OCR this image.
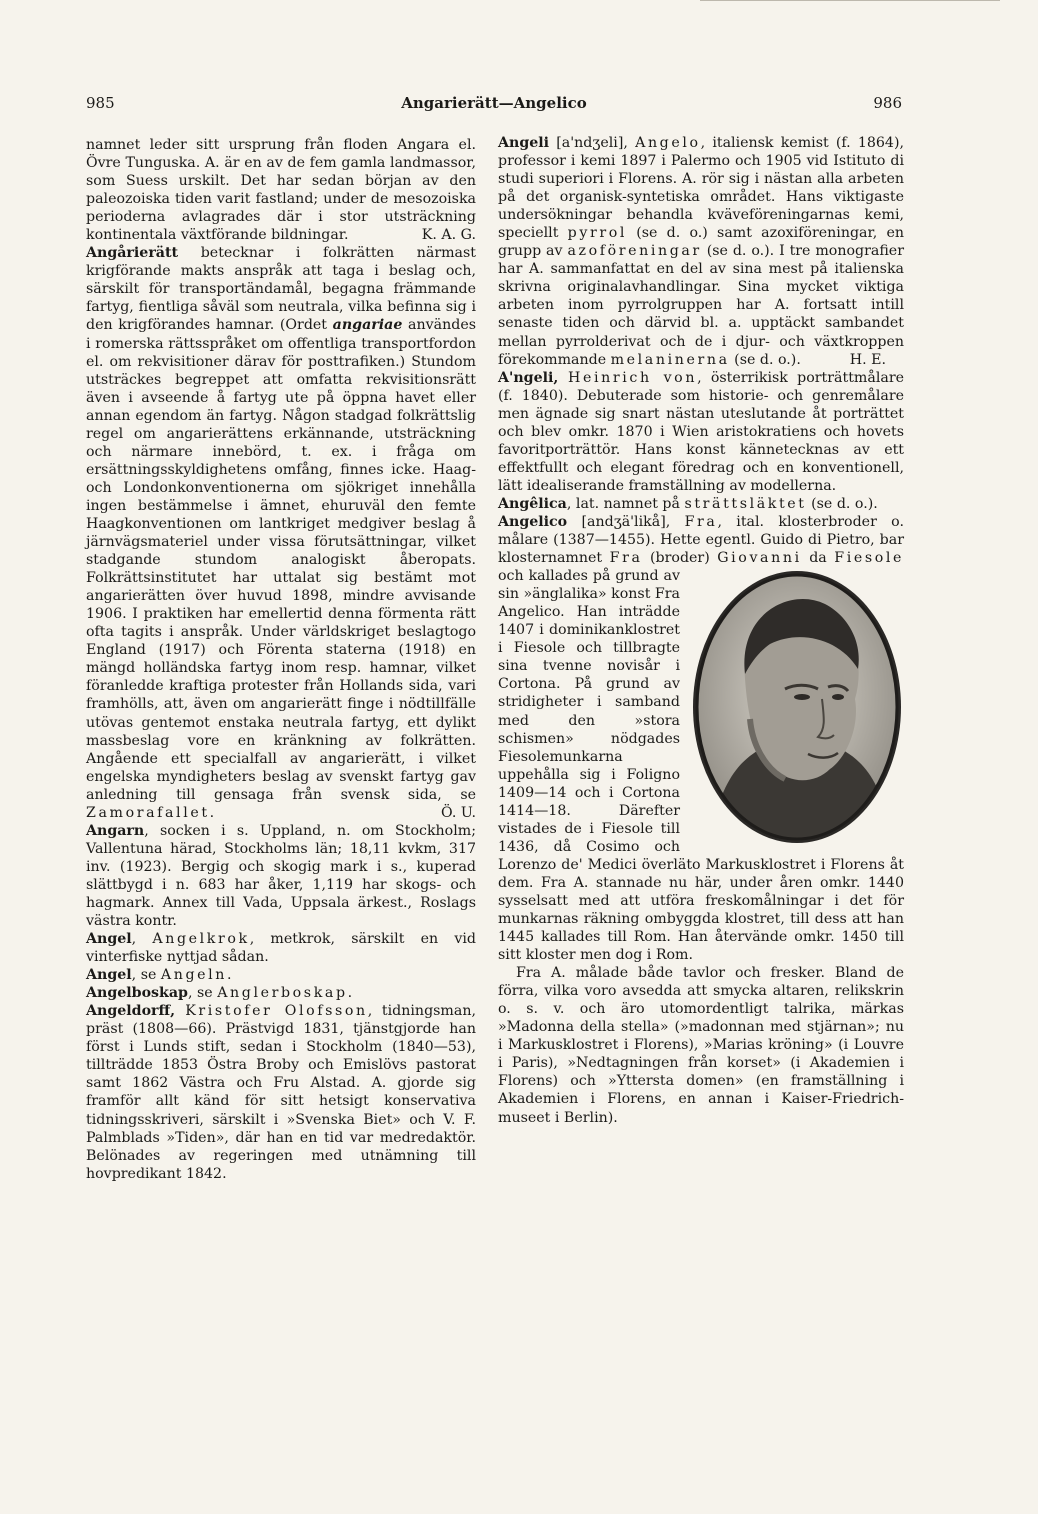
985	Angarierätt—Angelico	986

namnet leder sitt ursprung från floden Angara el. Övre Tunguska. A. är en av de fem gamla landmassor, som Suess urskilt. Det har sedan början av den paleozoiska tiden varit fastland; under de mesozoiska perioderna avlagrades där i stor utsträckning kontinentala växtförande bildningar.	K. A. G.

Angårierätt betecknar i folkrätten närmast krigförande makts anspråk att taga i beslag och, särskilt för transportändamål, begagna främmande fartyg, fientliga såväl som neutrala, vilka befinna sig i den krigförandes hamnar. (Ordet angariae användes i romerska rättsspråket om offentliga transportfordon el. om rekvisitioner därav för posttrafiken.) Stundom utsträckes begreppet att omfatta rekvisitionsrätt även i avseende å fartyg ute på öppna havet eller annan egendom än fartyg. Någon stadgad folkrättslig regel om angarierättens erkännande, utsträckning och närmare innebörd, t. ex. i fråga om ersättningsskyldighetens omfång, finnes icke. Haag- och Londonkonventionerna om sjökriget innehålla ingen bestämmelse i ämnet, ehuruväl den femte Haagkonventionen om lantkriget medgiver beslag å järnvägsmateriel under vissa förutsättningar, vilket stadgande stundom analogiskt åberopats. Folkrättsinstitutet har uttalat sig bestämt mot angarierätten över huvud 1898, mindre avvisande 1906. I praktiken har emellertid denna förmenta rätt ofta tagits i anspråk. Under världskriget beslagtogo England (1917) och Förenta staterna (1918) en mängd holländska fartyg inom resp. hamnar, vilket föranledde kraftiga protester från Hollands sida, vari framhölls, att, även om angarierätt finge i nödtillfälle utövas gentemot enstaka neutrala fartyg, ett dylikt massbeslag vore en kränkning av folkrätten. Angående ett specialfall av angarierätt, i vilket engelska myndigheters beslag av svenskt fartyg gav anledning till gensaga från svensk sida, se Zamorafallet.	Ö. U.

Angarn, socken i s. Uppland, n. om Stockholm; Vallentuna härad, Stockholms län; 18,11 kvkm, 317 inv. (1923). Bergig och skogig mark i s., kuperad slättbygd i n. 683 har åker, 1,119 har skogs- och hagmark. Annex till Vada, Uppsala ärkest., Roslags västra kontr.

Angel, Angelkrok, metkrok, särskilt en vid vinterfiske nyttjad sådan.

Angel, se Angeln.

Angelboskap, se Anglerboskap.

Angeldorff, Kristofer Olofsson, tidningsman, präst (1808—66). Prästvigd 1831, tjänstgjorde han först i Lunds stift, sedan i Stockholm (1840—53), tillträdde 1853 Östra Broby och Emislövs pastorat samt 1862 Västra och Fru Alstad. A. gjorde sig framför allt känd för sitt hetsigt konservativa tidningsskriveri, särskilt i »Svenska Biet» och V. F. Palmblads »Tiden», där han en tid var medredaktör. Belönades av regeringen med utnämning till hovpredikant 1842.

Angeli [a'ndʒeli], Angelo, italiensk kemist (f. 1864), professor i kemi 1897 i Palermo och 1905 vid Istituto di studi superiori i Florens. A. rör sig i nästan alla arbeten på det organisk-syntetiska området. Hans viktigaste undersökningar behandla kväveföreningarnas kemi, speciellt pyrrol (se d. o.) samt azoxiföreningar, en grupp av azoföreningar (se d. o.). I tre monografier har A. sammanfattat en del av sina mest på italienska skrivna originalavhandlingar. Sina mycket viktiga arbeten inom pyrrolgruppen har A. fortsatt intill senaste tiden och därvid bl. a. upptäckt sambandet mellan pyrrolderivat och de i djur- och växtkroppen förekommande melaninerna (se d. o.).	H. E.

A'ngeli, Heinrich von, österrikisk porträttmålare (f. 1840). Debuterade som historie- och genremålare men ägnade sig snart nästan uteslutande åt porträttet och blev omkr. 1870 i Wien aristokratiens och hovets favoritporträttör. Hans konst kännetecknas av ett effektfullt och elegant föredrag och en konventionell, lätt idealiserande framställning av modellerna.

Angêlica, lat. namnet på strättsläktet (se d. o.).

Angelico [andʒä'likå], Fra, ital. klosterbroder o. målare (1387—1455). Hette egentl. Guido di Pietro, bar klosternamnet Fra (broder) Giovanni da Fiesole
och kallades på grund av sin »änglalika» konst Fra Angelico. Han inträdde 1407 i dominikanklostret i Fiesole och tillbragte sina tvenne novisår i Cortona. På grund av stridigheter i samband med den »stora schismen» nödgades Fiesolemunkarna uppehålla sig i Foligno 1409—14 och i Cortona 1414—18. Därefter vistades de i Fiesole till 1436, då Cosimo och Lorenzo de' Medici överläto Markusklostret i Florens åt dem. Fra A. stannade nu här, under åren omkr. 1440 sysselsatt med att utföra freskomålningar i det för munkarnas räkning ombyggda klostret, till dess att han 1445 kallades till Rom. Han återvände omkr. 1450 till sitt kloster men dog i Rom.

Fra A. målade både tavlor och fresker. Bland de förra, vilka voro avsedda att smycka altaren, relikskrin o. s. v. och äro utomordentligt talrika, märkas »Madonna della stella» (»madonnan med stjärnan»; nu i Markusklostret i Florens), »Marias kröning» (i Louvre i Paris), »Nedtagningen från korset» (i Akademien i Florens) och »Yttersta domen» (en framställning i Akademien i Florens, en annan i Kaiser-Friedrich-museet i Berlin).
